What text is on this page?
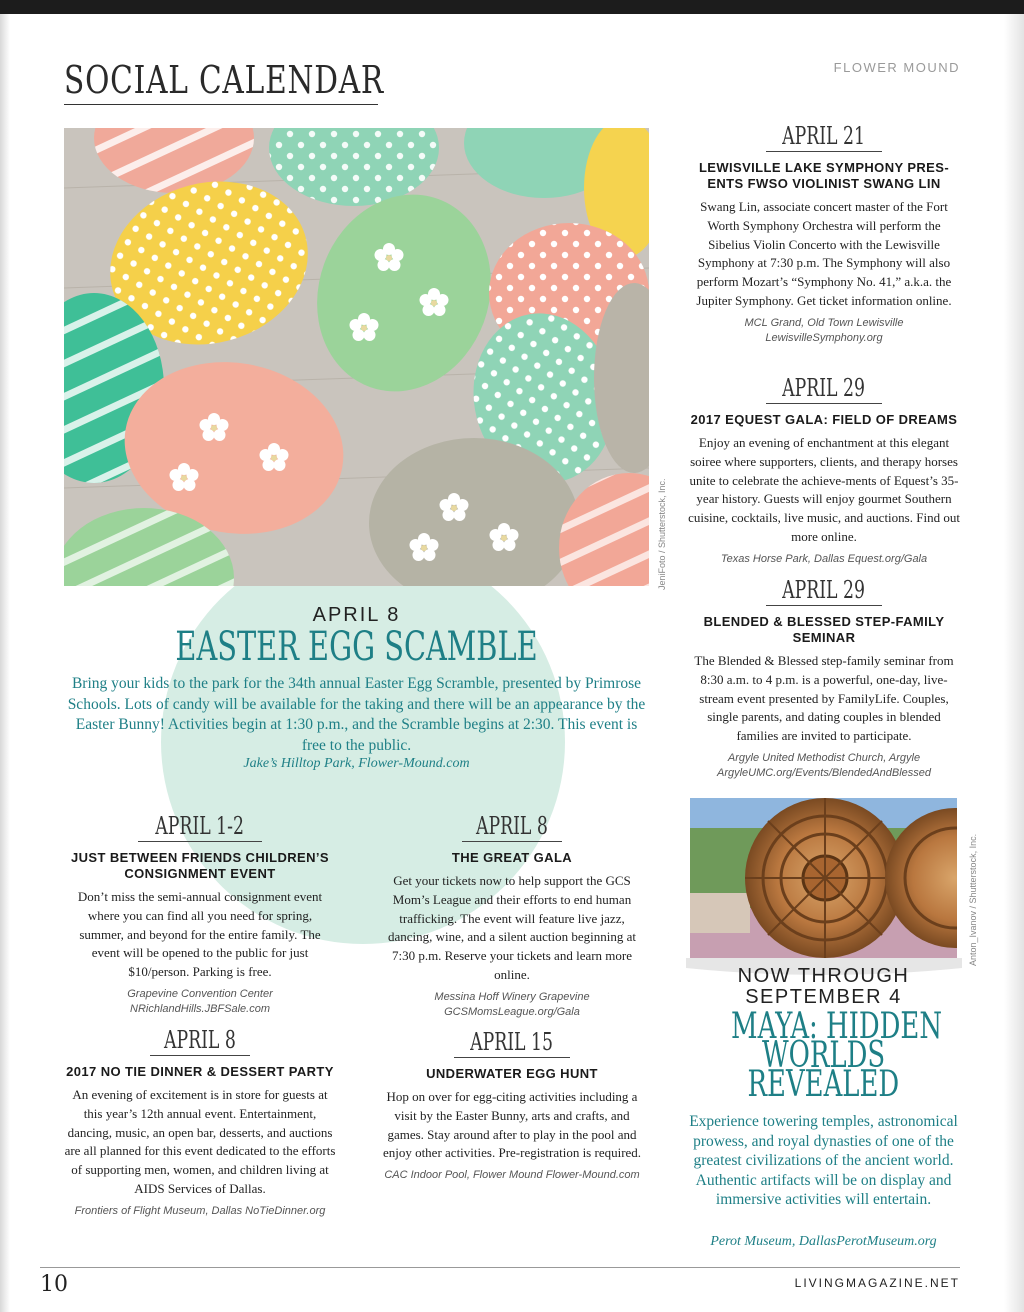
SOCIAL CALENDAR	FLOWER MOUND
JeniFoto / Shutterstock, Inc.
APRIL 8
EASTER EGG SCAMBLE
Bring your kids to the park for the 34th annual Easter Egg Scramble, presented by Primrose Schools. Lots of candy will be available for the taking and there will be an appearance by the Easter Bunny! Activities begin at 1:30 p.m., and the Scramble begins at 2:30. This event is free to the public.
Jake’s Hilltop Park, Flower-Mound.com
APRIL 21
LEWISVILLE LAKE SYMPHONY PRES-ENTS FWSO VIOLINIST SWANG LIN
Swang Lin, associate concert master of the Fort Worth Symphony Orchestra will perform the Sibelius Violin Concerto with the Lewisville Symphony at 7:30 p.m. The Symphony will also perform Mozart’s “Symphony No. 41,” a.k.a. the Jupiter Symphony. Get ticket information online.
MCL Grand, Old Town Lewisville LewisvilleSymphony.org
APRIL 29
2017 EQUEST GALA: FIELD OF DREAMS
Enjoy an evening of enchantment at this elegant soiree where supporters, clients, and therapy horses unite to celebrate the achieve-ments of Equest’s 35-year history. Guests will enjoy gourmet Southern cuisine, cocktails, live music, and auctions. Find out more online.
Texas Horse Park, Dallas Equest.org/Gala
APRIL 29
BLENDED & BLESSED STEP-FAMILY SEMINAR
The Blended & Blessed step-family seminar from 8:30 a.m. to 4 p.m. is a powerful, one-day, live-stream event presented by FamilyLife. Couples, single parents, and dating couples in blended families are invited to participate.
Argyle United Methodist Church, Argyle ArgyleUMC.org/Events/BlendedAndBlessed
APRIL 1-2
JUST BETWEEN FRIENDS CHILDREN’S CONSIGNMENT EVENT
Don’t miss the semi-annual consignment event where you can find all you need for spring, summer, and beyond for the entire family. The event will be opened to the public for just $10/person. Parking is free.
Grapevine Convention Center NRichlandHills.JBFSale.com
APRIL 8
THE GREAT GALA
Get your tickets now to help support the GCS Mom’s League and their efforts to end human trafficking. The event will feature live jazz, dancing, wine, and a silent auction beginning at 7:30 p.m. Reserve your tickets and learn more online.
Messina Hoff Winery Grapevine GCSMomsLeague.org/Gala
APRIL 8
2017 NO TIE DINNER & DESSERT PARTY
An evening of excitement is in store for guests at this year’s 12th annual event. Entertainment, dancing, music, an open bar, desserts, and auctions are all planned for this event dedicated to the efforts of supporting men, women, and children living at AIDS Services of Dallas.
Frontiers of Flight Museum, Dallas NoTieDinner.org
APRIL 15
UNDERWATER EGG HUNT
Hop on over for egg-citing activities including a visit by the Easter Bunny, arts and crafts, and games. Stay around after to play in the pool and enjoy other activities. Pre-registration is required.
CAC Indoor Pool, Flower Mound Flower-Mound.com
Anton_Ivanov / Shutterstock, Inc.
NOW THROUGH
SEPTEMBER 4
MAYA: HIDDEN
WORLDS
REVEALED
Experience towering temples, astronomical prowess, and royal dynasties of one of the greatest civilizations of the ancient world. Authentic artifacts will be on display and immersive activities will entertain.
Perot Museum, DallasPerotMuseum.org
10	LIVINGMAGAZINE.NET
